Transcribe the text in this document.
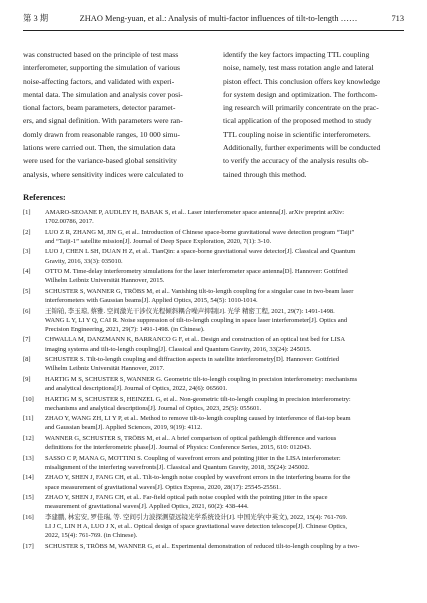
第 3 期	ZHAO Meng-yuan, et al.: Analysis of multi-factor influences of tilt-to-length ……	713
was constructed based on the principle of test mass
interferometer, supporting the simulation of various
noise-affecting factors, and validated with experi-
mental data. The simulation and analysis cover posi-
tional factors, beam parameters, detector paramet-
ers, and signal definition. With parameters were ran-
domly drawn from reasonable ranges, 10 000 simu-
lations were carried out. Then, the simulation data
were used for the variance-based global sensitivity
analysis, where sensitivity indices were calculated to
identify the key factors impacting TTL coupling
noise, namely, test mass rotation angle and lateral
piston effect. This conclusion offers key knowledge
for system design and optimization. The forthcom-
ing research will primarily concentrate on the prac-
tical application of the proposed method to study
TTL coupling noise in scientific interferometers.
Additionally, further experiments will be conducted
to verify the accuracy of the analysis results ob-
tained through this method.
References:
[1]	AMARO-SEOANE P, AUDLEY H, BABAK S, et al.. Laser interferometer space antenna[J]. arXiv preprint arXiv:
1702.00786, 2017.
[2]	LUO Z R, ZHANG M, JIN G, et al.. Introduction of Chinese space-borne gravitational wave detection program “Taiji”
and “Taiji-1” satellite mission[J]. Journal of Deep Space Exploration, 2020, 7(1): 3-10.
[3]	LUO J, CHEN L SH, DUAN H Z, et al.. TianQin: a space-borne gravitational wave detector[J]. Classical and Quantum
Gravity, 2016, 33(3): 035010.
[4]	OTTO M. Time-delay interferometry simulations for the laser interferometer space antenna[D]. Hannover: Gottfried
Wilhelm Leibniz Universität Hannover, 2015.
[5]	SCHUSTER S, WANNER G, TRÖBS M, et al.. Vanishing tilt-to-length coupling for a singular case in two-beam laser
interferometers with Gaussian beams[J]. Applied Optics, 2015, 54(5): 1010-1014.
[6]	王锦铂, 李玉琼, 蔡雅. 空间激光干涉仪光程倾斜耦合噪声抑制[J]. 光学 精密工程, 2021, 29(7): 1491-1498.
WANG L Y, LI Y Q, CAI R. Noise suppression of tilt-to-length coupling in space laser interferometer[J]. Optics and
Precision Engineering, 2021, 29(7): 1491-1498. (in Chinese).
[7]	CHWALLA M, DANZMANN K, BARRANCO G F, et al.. Design and construction of an optical test bed for LISA
imaging systems and tilt-to-length coupling[J]. Classical and Quantum Gravity, 2016, 33(24): 245015.
[8]	SCHUSTER S. Tilt-to-length coupling and diffraction aspects in satellite interferometry[D]. Hannover: Gottfried
Wilhelm Leibniz Universität Hannover, 2017.
[9]	HARTIG M S, SCHUSTER S, WANNER G. Geometric tilt-to-length coupling in precision interferometry: mechanisms
and analytical descriptions[J]. Journal of Optics, 2022, 24(6): 065601.
[10]	HARTIG M S, SCHUSTER S, HEINZEL G, et al.. Non-geometric tilt-to-length coupling in precision interferometry:
mechanisms and analytical descriptions[J]. Journal of Optics, 2023, 25(5): 055601.
[11]	ZHAO Y, WANG ZH, LI Y P, et al.. Method to remove tilt-to-length coupling caused by interference of flat-top beam
and Gaussian beam[J]. Applied Sciences, 2019, 9(19): 4112.
[12]	WANNER G, SCHUSTER S, TRÖBS M, et al.. A brief comparison of optical pathlength difference and various
definitions for the interferometric phase[J]. Journal of Physics: Conference Series, 2015, 610: 012043.
[13]	SASSO C P, MANA G, MOTTINI S. Coupling of wavefront errors and pointing jitter in the LISA interferometer:
misalignment of the interfering wavefronts[J]. Classical and Quantum Gravity, 2018, 35(24): 245002.
[14]	ZHAO Y, SHEN J, FANG CH, et al.. Tilt-to-length noise coupled by wavefront errors in the interfering beams for the
space measurement of gravitational waves[J]. Optics Express, 2020, 28(17): 25545-25561.
[15]	ZHAO Y, SHEN J, FANG CH, et al.. Far-field optical path noise coupled with the pointing jitter in the space
measurement of gravitational waves[J]. Applied Optics, 2021, 60(2): 438-444.
[16]	李建鹏, 林宏安, 罗佳瑞, 等. 空间引力波探测望远镜光学系统设计[J]. 中国光学(中英文), 2022, 15(4): 761-769.
LI J C, LIN H A, LUO J X, et al.. Optical design of space gravitational wave detection telescope[J]. Chinese Optics,
2022, 15(4): 761-769. (in Chinese).
[17]	SCHUSTER S, TRÖBS M, WANNER G, et al.. Experimental demonstration of reduced tilt-to-length coupling by a two-
